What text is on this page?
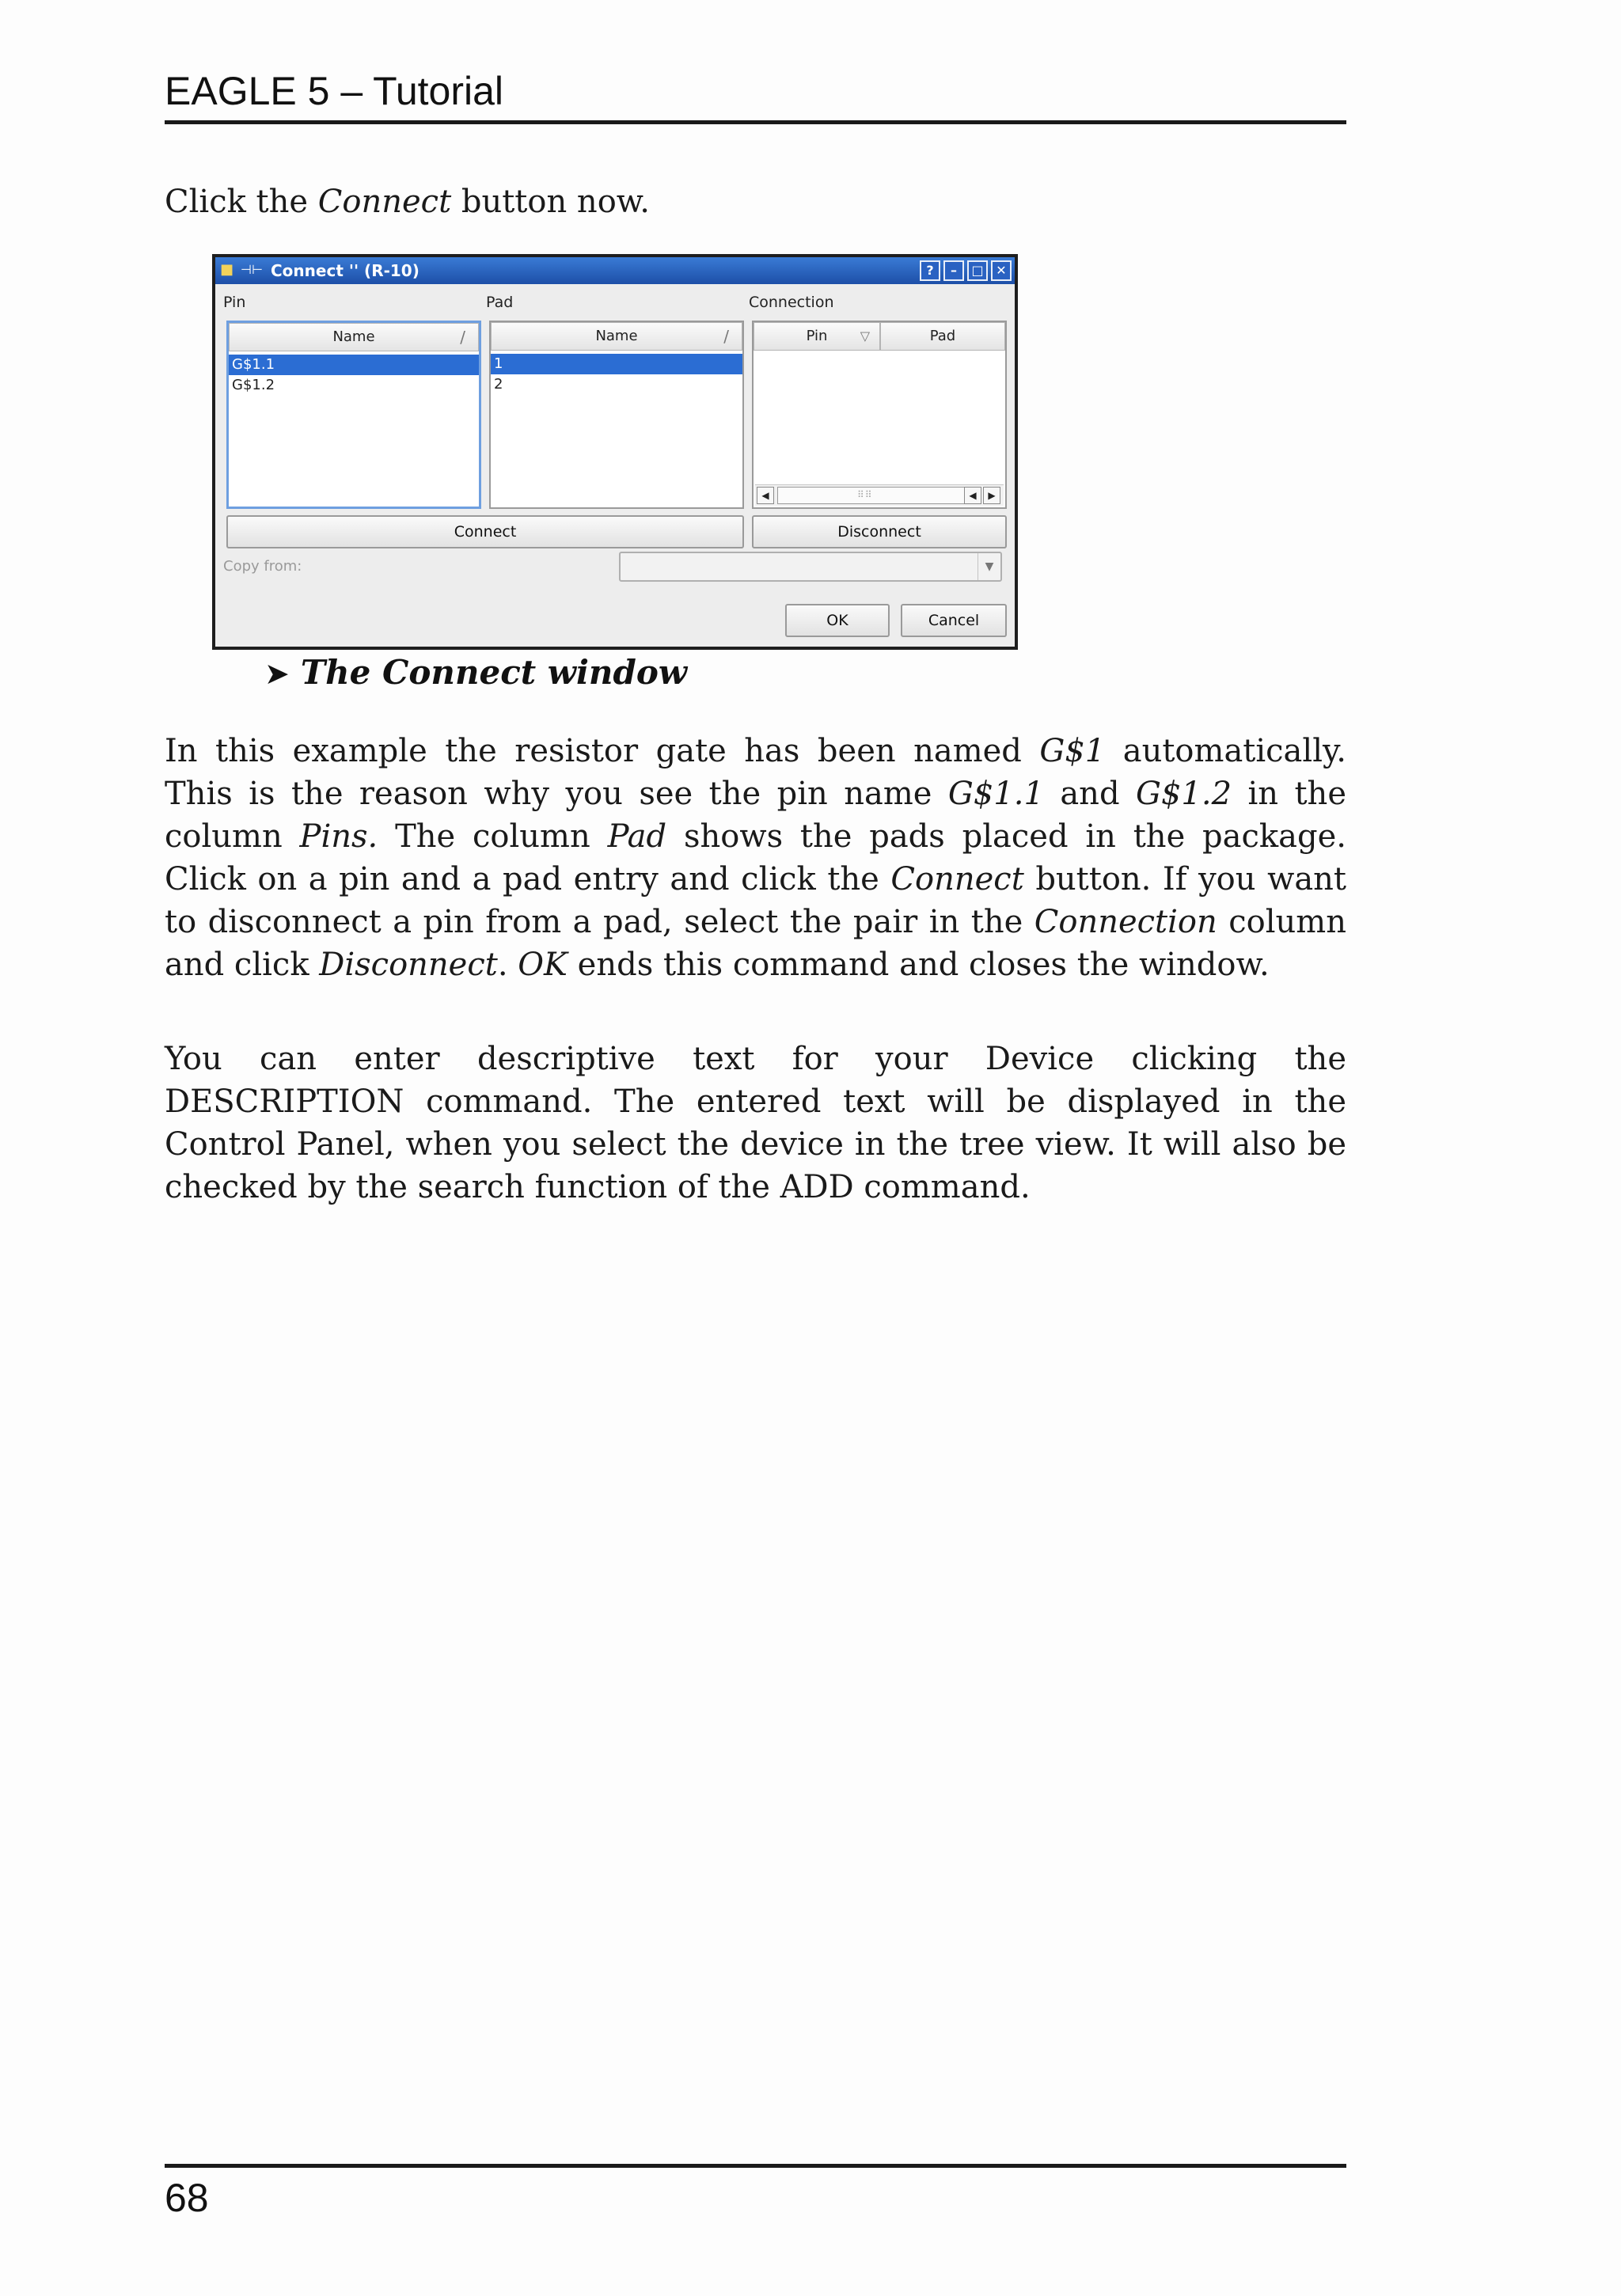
EAGLE 5 – Tutorial

Click the Connect button now.

■ ⊣⊢ Connect '' (R-10)	?	–	□ ✕
Pin	Pad	Connection
Name	/
G$1.1
G$1.2
Name	/
1
2
Pin	▽	Pad
◀	⠿⠿	◀	▶
Connect	Disconnect
Copy from:	▼
OK	Cancel
➤ The Connect window

In this example the resistor gate has been named G$1 automatically. This is the reason why you see the pin name G$1.1 and G$1.2 in the column Pins. The column Pad shows the pads placed in the package. Click on a pin and a pad entry and click the Connect button. If you want to disconnect a pin from a pad, select the pair in the Connection column and click Disconnect. OK ends this command and closes the window.

You can enter descriptive text for your Device clicking the DESCRIPTION command. The entered text will be displayed in the Control Panel, when you select the device in the tree view. It will also be checked by the search function of the ADD command.

68
